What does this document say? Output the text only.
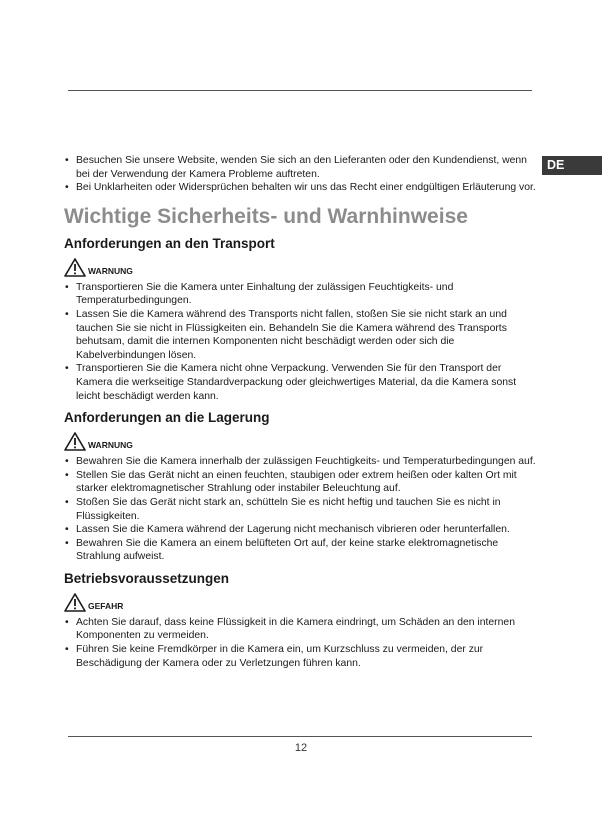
DE
• Besuchen Sie unsere Website, wenden Sie sich an den Lieferanten oder den Kundendienst, wenn bei der Verwendung der Kamera Probleme auftreten.
• Bei Unklarheiten oder Widersprüchen behalten wir uns das Recht einer endgültigen Erläuterung vor.
Wichtige Sicherheits- und Warnhinweise
Anforderungen an den Transport
WARNUNG
• Transportieren Sie die Kamera unter Einhaltung der zulässigen Feuchtigkeits- und Temperaturbedingungen.
• Lassen Sie die Kamera während des Transports nicht fallen, stoßen Sie sie nicht stark an und tauchen Sie sie nicht in Flüssigkeiten ein. Behandeln Sie die Kamera während des Transports behutsam, damit die internen Komponenten nicht beschädigt werden oder sich die Kabelverbindungen lösen.
• Transportieren Sie die Kamera nicht ohne Verpackung. Verwenden Sie für den Transport der Kamera die werkseitige Standardverpackung oder gleichwertiges Material, da die Kamera sonst leicht beschädigt werden kann.
Anforderungen an die Lagerung
WARNUNG
• Bewahren Sie die Kamera innerhalb der zulässigen Feuchtigkeits- und Temperaturbedingungen auf.
• Stellen Sie das Gerät nicht an einen feuchten, staubigen oder extrem heißen oder kalten Ort mit starker elektromagnetischer Strahlung oder instabiler Beleuchtung auf.
• Stoßen Sie das Gerät nicht stark an, schütteln Sie es nicht heftig und tauchen Sie es nicht in Flüssigkeiten.
• Lassen Sie die Kamera während der Lagerung nicht mechanisch vibrieren oder herunterfallen.
• Bewahren Sie die Kamera an einem belüfteten Ort auf, der keine starke elektromagnetische Strahlung aufweist.
Betriebsvoraussetzungen
GEFAHR
• Achten Sie darauf, dass keine Flüssigkeit in die Kamera eindringt, um Schäden an den internen Komponenten zu vermeiden.
• Führen Sie keine Fremdkörper in die Kamera ein, um Kurzschluss zu vermeiden, der zur Beschädigung der Kamera oder zu Verletzungen führen kann.
12
